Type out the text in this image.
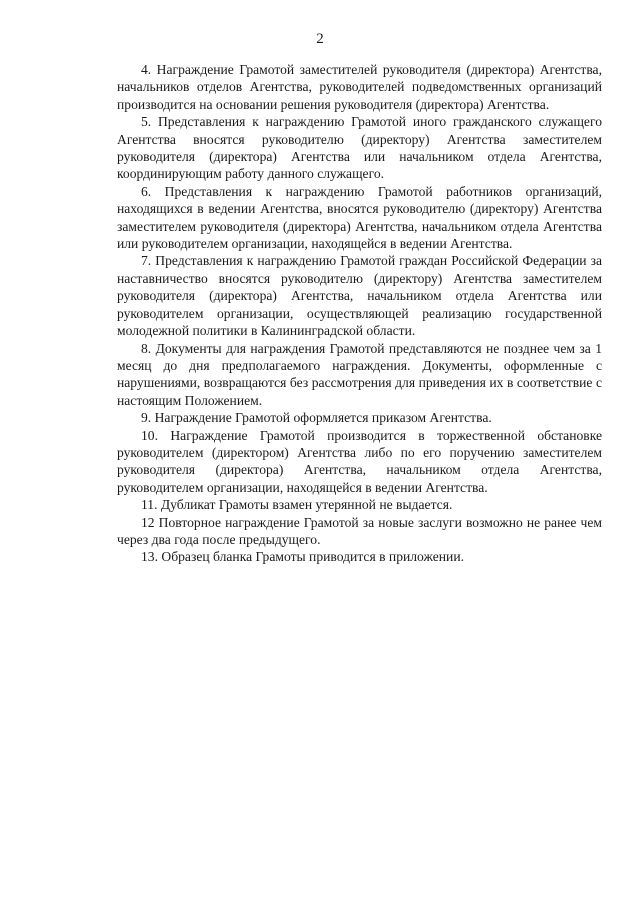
2

4. Награждение Грамотой заместителей руководителя (директора) Агентства, начальников отделов Агентства, руководителей подведомственных организаций производится на основании решения руководителя (директора) Агентства.

5. Представления к награждению Грамотой иного гражданского служащего Агентства вносятся руководителю (директору) Агентства заместителем руководителя (директора) Агентства или начальником отдела Агентства, координирующим работу данного служащего.

6. Представления к награждению Грамотой работников организаций, находящихся в ведении Агентства, вносятся руководителю (директору) Агентства заместителем руководителя (директора) Агентства, начальником отдела Агентства или руководителем организации, находящейся в ведении Агентства.

7. Представления к награждению Грамотой граждан Российской Федерации за наставничество вносятся руководителю (директору) Агентства заместителем руководителя (директора) Агентства, начальником отдела Агентства или руководителем организации, осуществляющей реализацию государственной молодежной политики в Калининградской области.

8. Документы для награждения Грамотой представляются не позднее чем за 1 месяц до дня предполагаемого награждения. Документы, оформленные с нарушениями, возвращаются без рассмотрения для приведения их в соответствие с настоящим Положением.

9. Награждение Грамотой оформляется приказом Агентства.

10. Награждение Грамотой производится в торжественной обстановке руководителем (директором) Агентства либо по его поручению заместителем руководителя (директора) Агентства, начальником отдела Агентства, руководителем организации, находящейся в ведении Агентства.

11. Дубликат Грамоты взамен утерянной не выдается.

12 Повторное награждение Грамотой за новые заслуги возможно не ранее чем через два года после предыдущего.

13. Образец бланка Грамоты приводится в приложении.
